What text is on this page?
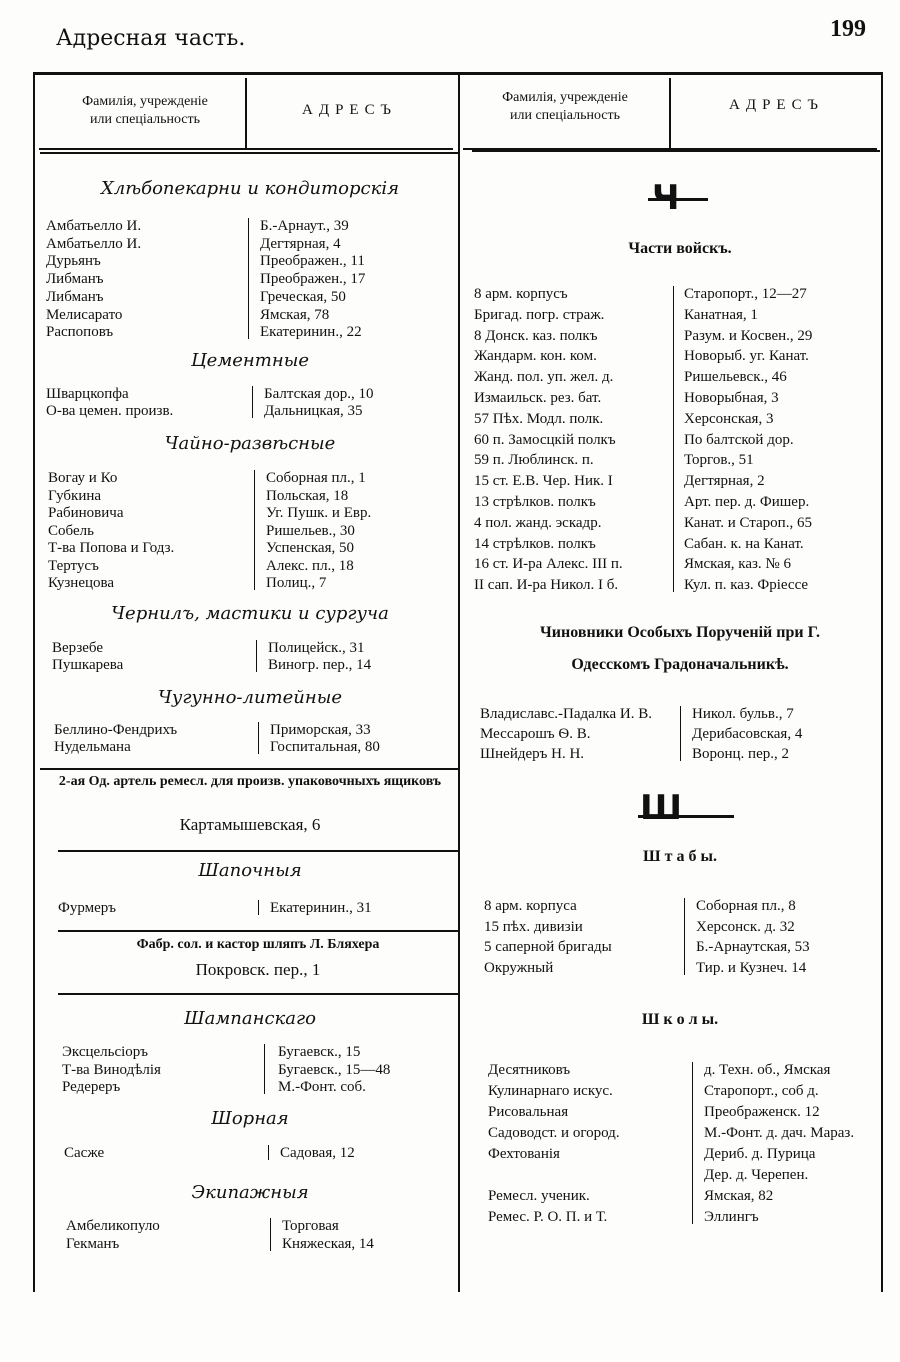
Адресная часть.	199
Фамилія, учрежденіе
или спеціальность
АДРЕСЪ
Фамилія, учрежденіе
или спеціальность
АДРЕСЪ
Хлѣбопекарни и кондиторскія
Амбатьелло И.	Б.-Арнаут., 39
Амбатьелло И.	Дегтярная, 4
Дурьянъ	Преображен., 11
Либманъ	Преображен., 17
Либманъ	Греческая, 50
Мелисарато	Ямская, 78
Распоповъ	Екатеринин., 22
Цементные
Шварцкопфа	Балтская дор., 10
О-ва цемен. произв.	Дальницкая, 35
Чайно-развѣсные
Вогау и Ко	Соборная пл., 1
Губкина	Польская, 18
Рабиновича	Уг. Пушк. и Евр.
Собель	Ришельев., 30
Т-ва Попова и Годз.	Успенская, 50
Тертусъ	Алекс. пл., 18
Кузнецова	Полиц., 7
Чернилъ, мастики и сургуча
Верзебе	Полицейск., 31
Пушкарева	Виногр. пер., 14
Чугунно-литейные
Беллино-Фендрихъ	Приморская, 33
Нудельмана	Госпитальная, 80
2-ая Од. артель ремесл. для произв. упаковочныхъ ящиковъ
Картамышевская, 6
Шапочныя
Фурмеръ	Екатеринин., 31
Фабр. сол. и кастор шляпъ Л. Бляхера
Покровск. пер., 1
Шампанскаго
Эксцельсіоръ	Бугаевск., 15
Т-ва Винодѣлія	Бугаевск., 15—48
Редереръ	М.-Фонт. соб.
Шорная
Сасже	Садовая, 12
Экипажныя
Амбеликопуло	Торговая
Гекманъ	Княжеская, 14
Ч
Части войскъ.
8 арм. корпусъ	Старопорт., 12—27
Бригад. погр. страж.	Канатная, 1
8 Донск. каз. полкъ	Разум. и Косвен., 29
Жандарм. кон. ком.	Новорыб. уг. Канат.
Жанд. пол. уп. жел. д.	Ришельевск., 46
Измаильск. рез. бат.	Новорыбная, 3
57 Пѣх. Модл. полк.	Херсонская, 3
60 п. Замосцкій полкъ	По балтской дор.
59 п. Люблинск. п.	Торгов., 51
15 ст. Е.В. Чер. Ник. I	Дегтярная, 2
13 стрѣлков. полкъ	Арт. пер. д. Фишер.
4 пол. жанд. эскадр.	Канат. и Староп., 65
14 стрѣлков. полкъ	Сабан. к. на Канат.
16 ст. И-ра Алекс. III п.	Ямская, каз. № 6
II сап. И-ра Никол. I б.	Кул. п. каз. Фріессе
Чиновники Особыхъ Порученій при Г.
Одесскомъ Градоначальникѣ.
Владиславс.-Падалка И. В.	Никол. бульв., 7
Мессарошъ Ѳ. В.	Дерибасовская, 4
Шнейдеръ Н. Н.	Воронц. пер., 2
Ш
Ш т а б ы.
8 арм. корпуса	Соборная пл., 8
15 пѣх. дивизіи	Херсонск. д. 32
5 саперной бригады	Б.-Арнаутская, 53
Окружный	Тир. и Кузнеч. 14
Ш к о л ы.
Десятниковъ	д. Техн. об., Ямская
Кулинарнаго искус.	Старопорт., соб д.
Рисовальная	Преображенск. 12
Садоводст. и огород.	М.-Фонт. д. дач. Мараз.
Фехтованія	Дериб. д. Пурица
Дер. д. Черепен.
Ремесл. ученик.	Ямская, 82
Ремес. Р. О. П. и Т.	Эллингъ
